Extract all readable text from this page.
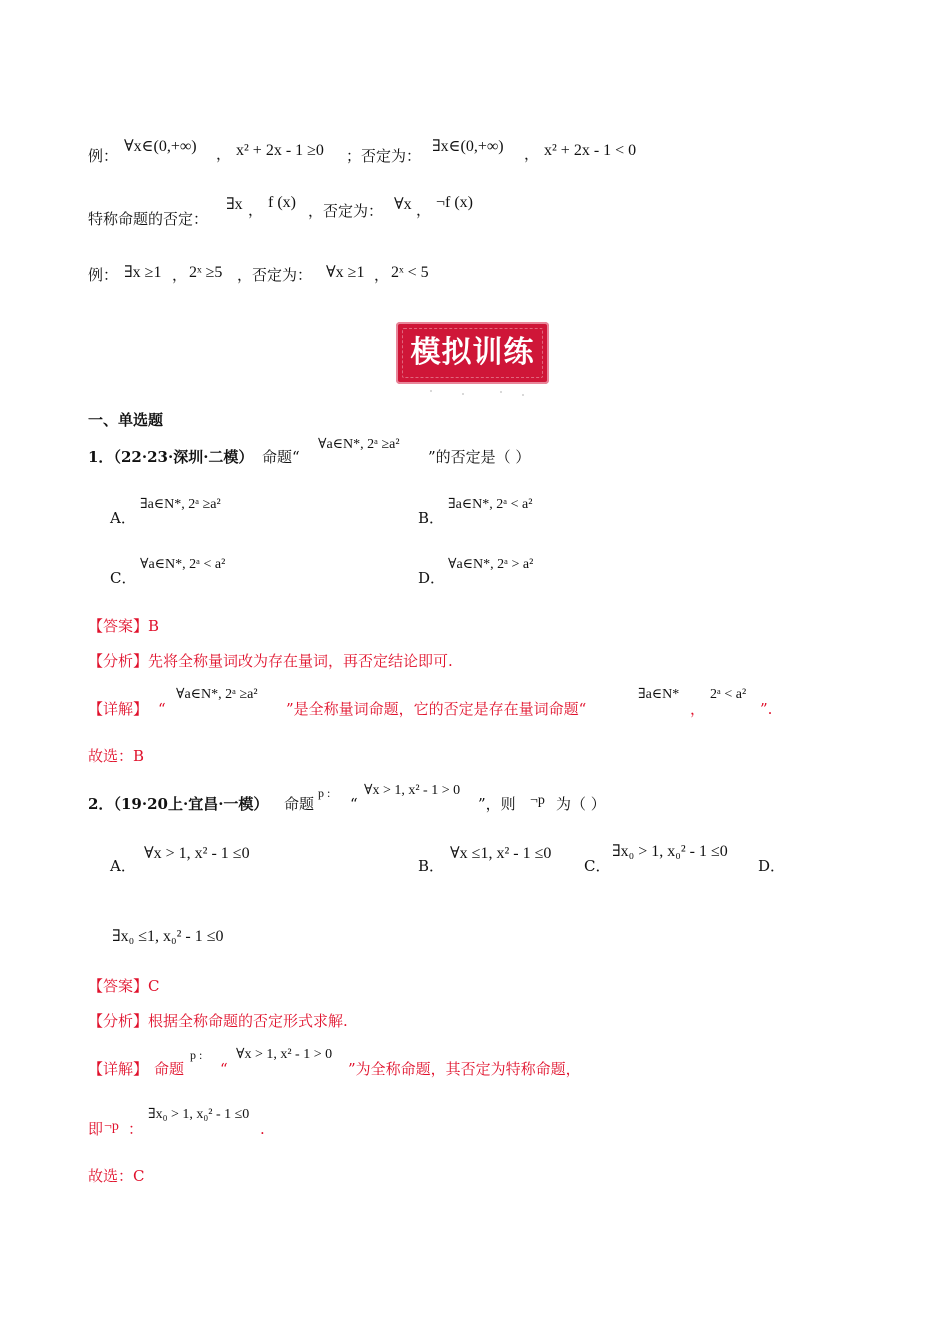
例：
∀x∈(0,+∞) ， x² + 2x - 1 ≥0 ；否定为：
∃x∈(0,+∞) ， x² + 2x - 1 < 0
特称命题的否定：
∃x ， f (x) ，否定为： ∀x ， ¬f (x)
例： ∃x ≥1 ， 2ˣ ≥5 ，否定为： ∀x ≥1 ， 2ˣ < 5
模拟训练
一、单选题
1．
（22·23·深圳·二模） 命题“
∀a∈N*, 2ᵃ ≥a²
”的否定是（ ）
A．
∃a∈N*, 2ᵃ ≥a²
B．
∃a∈N*, 2ᵃ < a²
C．
∀a∈N*, 2ᵃ < a²
D．
∀a∈N*, 2ᵃ > a²
【答案】B
【分析】先将全称量词改为存在量词，再否定结论即可.
【详解】 “
∀a∈N*, 2ᵃ ≥a²
”是全称量词命题，它的否定是存在量词命题“
∃a∈N*
，
2ᵃ < a²
”.
故选：B
2．
（19·20上·宜昌·一模） 命题
p :
“
∀x > 1, x² - 1 > 0
”，则 ¬p 为（ ）
A．
∀x > 1, x² - 1 ≤0
B．
∀x ≤1, x² - 1 ≤0
C．
∃x₀ > 1, x₀² - 1 ≤0
D．
∃x₀ ≤1, x₀² - 1 ≤0
【答案】C
【分析】根据全称命题的否定形式求解.
【详解】 命题
p :
“
∀x > 1, x² - 1 > 0
”为全称命题，其否定为特称命题，
即 ¬p ：
∃x₀ > 1, x₀² - 1 ≤0
.
故选：C
